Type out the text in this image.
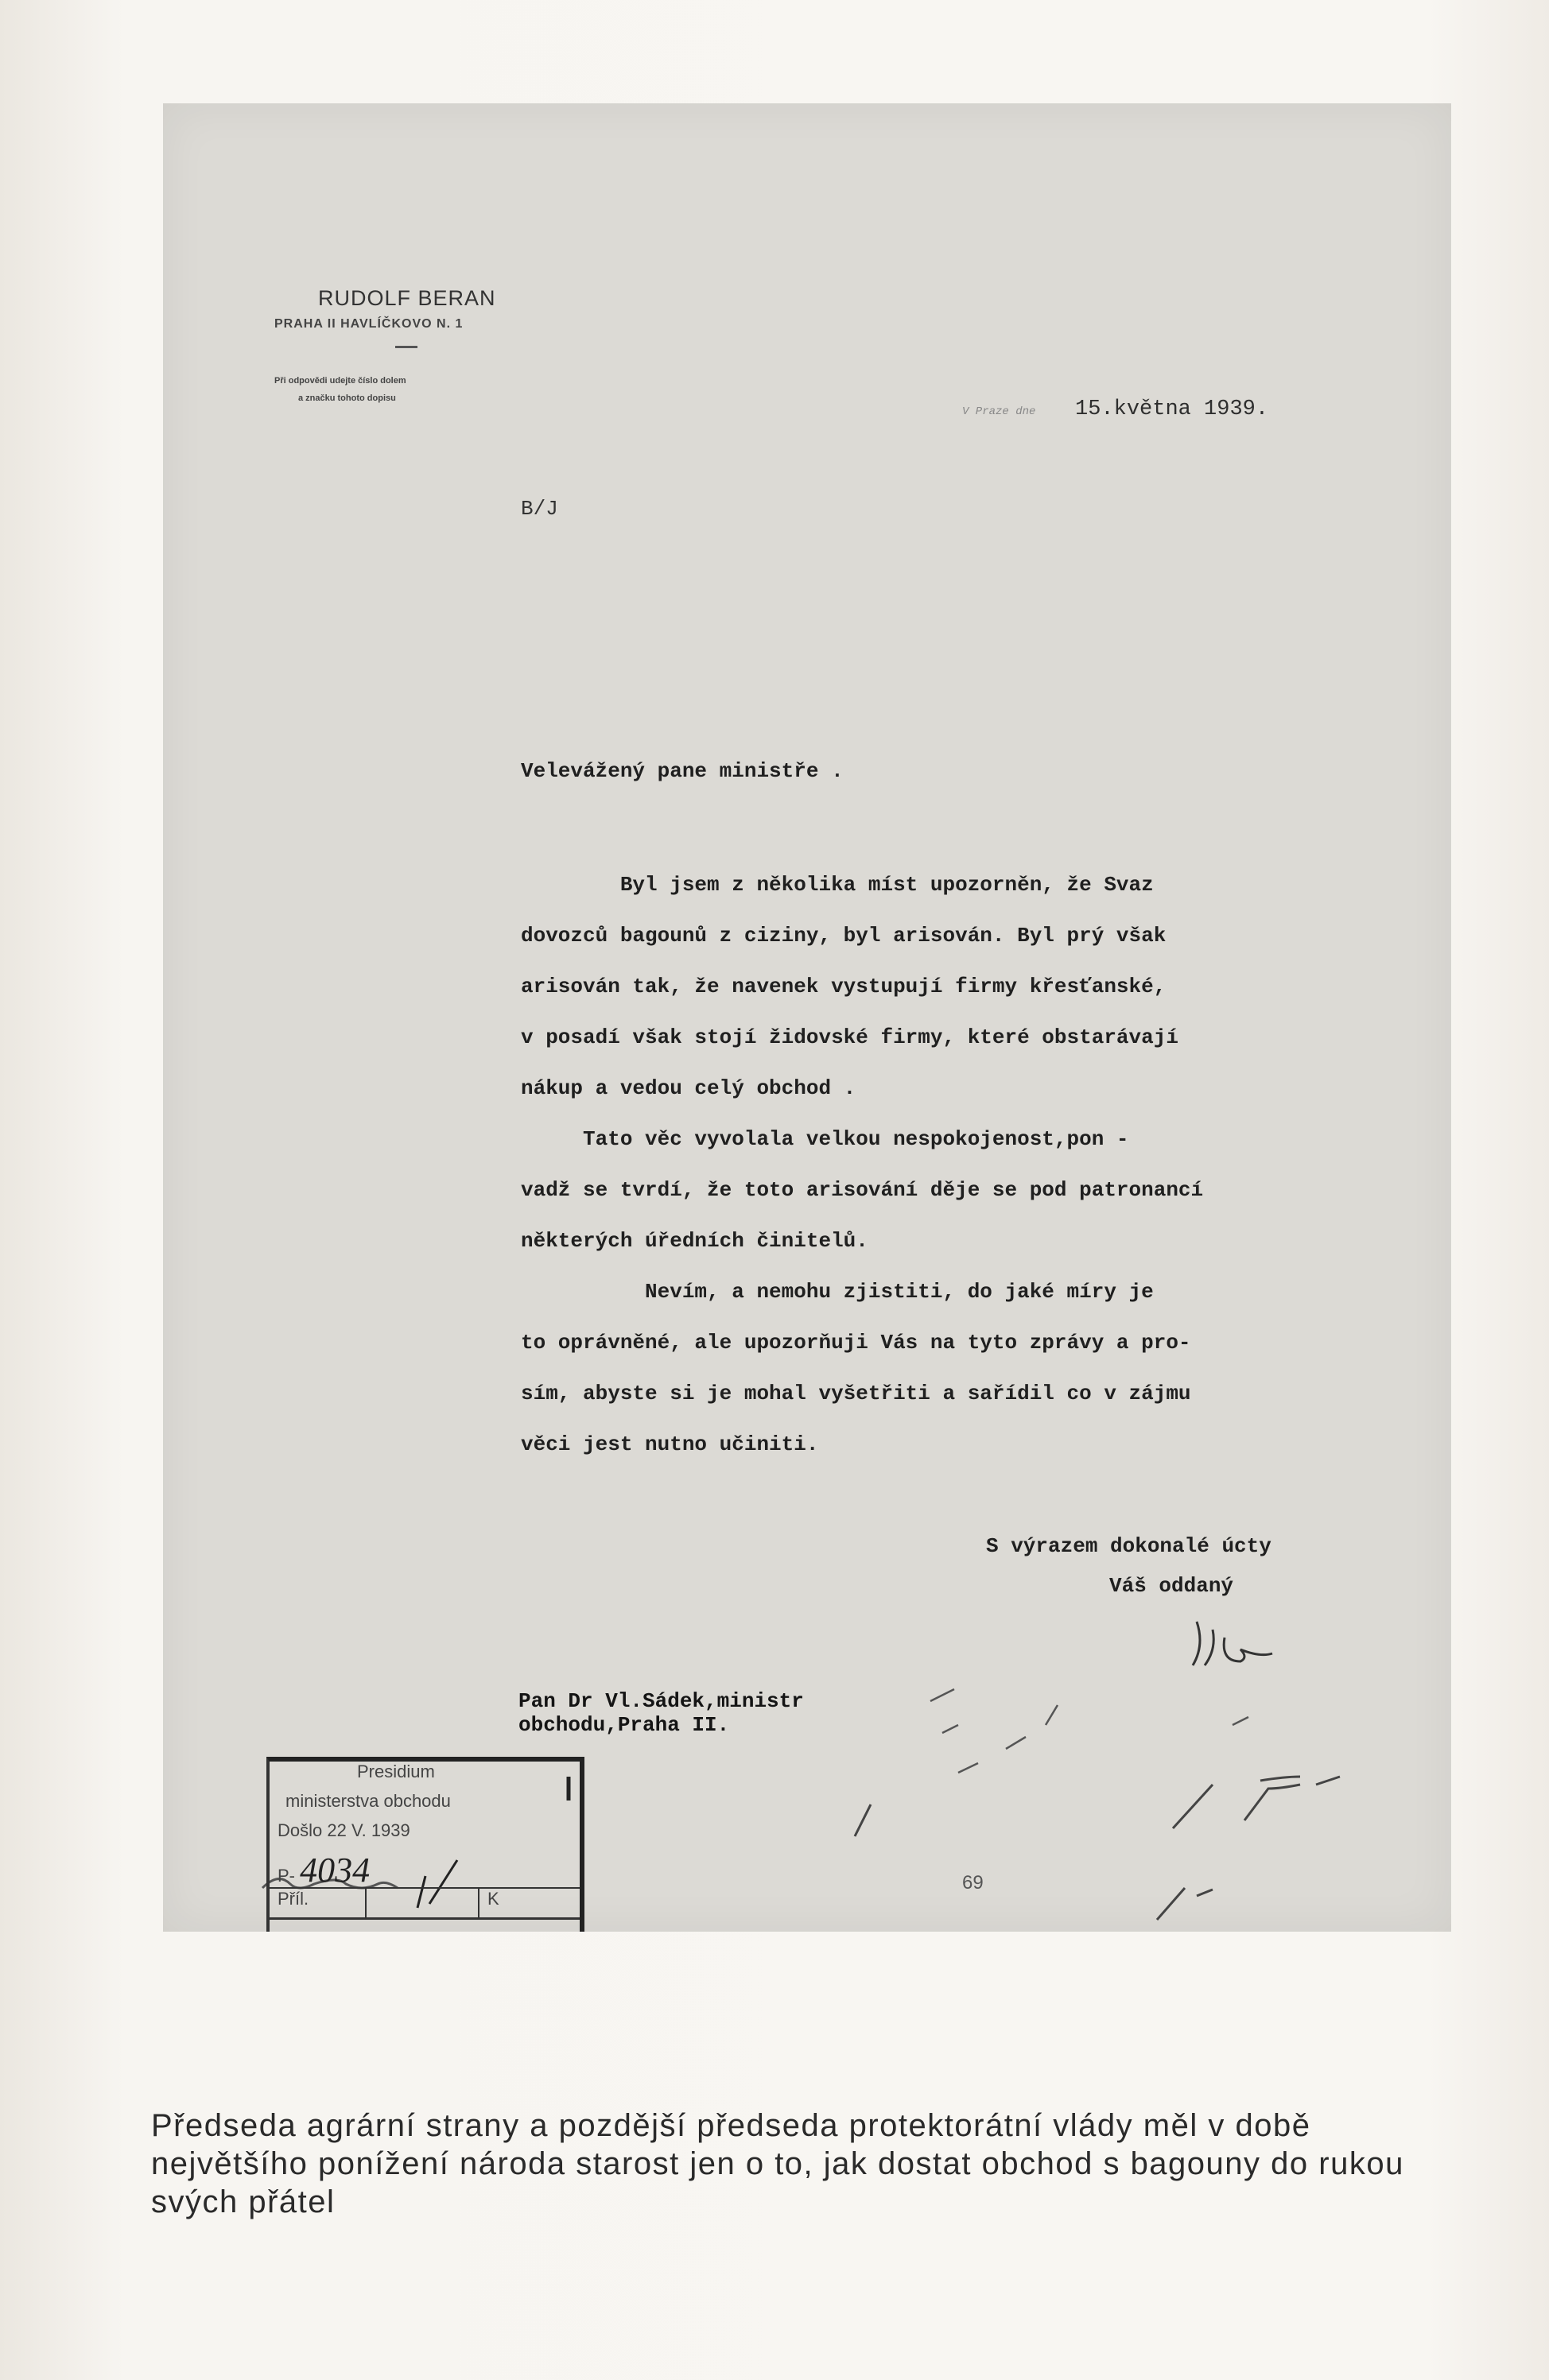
RUDOLF BERAN
PRAHA II HAVLÍČKOVO N. 1
Při odpovědi udejte číslo dolem
a značku tohoto dopisu
B/J
V Praze dne 15.května 1939.

Velevážený pane ministře .

Byl jsem z několika míst upozorněn, že Svaz

dovozců bagounů z ciziny, byl arisován. Byl prý však

arisován tak, že navenek vystupují firmy křesťanské,

v posadí však stojí židovské firmy, které obstarávají

nákup a vedou celý obchod .

Tato věc vyvolala velkou nespokojenost,pon -

vadž se tvrdí, že toto arisování děje se pod patronancí

některých úředních činitelů.

Nevím, a nemohu zjistiti, do jaké míry je

to oprávněné, ale upozorňuji Vás na tyto zprávy a pro-

sím, abyste si je mohal vyšetřiti a sařídil co v zájmu

věci jest nutno učiniti.

S výrazem dokonalé úcty
Váš oddaný
Pan Dr Vl.Sádek,ministr
obchodu,Praha II.
Presidium
ministerstva obchodu
Došlo 22 V. 1939
P- 4034
Příl.	K
69
Předseda agrární strany a pozdější předseda protektorátní vlády měl v době největšího ponížení národa starost jen o to, jak dostat obchod s bagouny do rukou svých přátel
